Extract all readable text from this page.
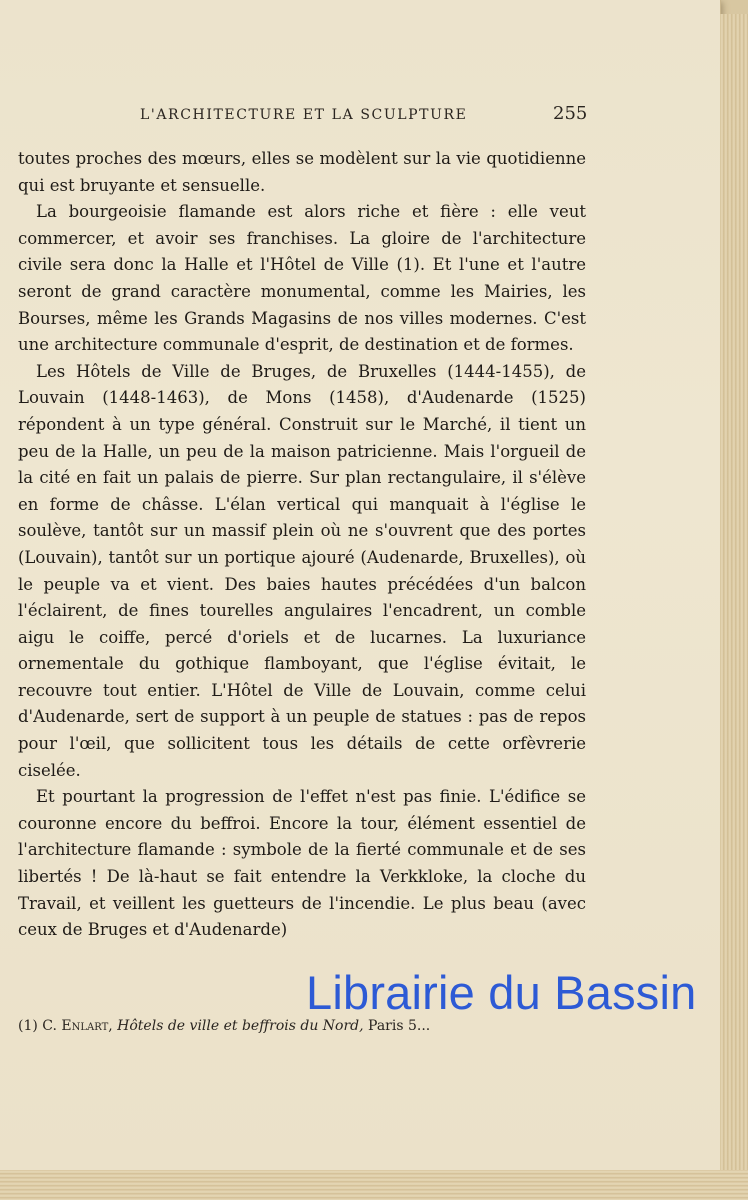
L'ARCHITECTURE ET LA SCULPTURE	255

toutes proches des mœurs, elles se modèlent sur la vie quotidienne qui est bruyante et sensuelle.

La bourgeoisie flamande est alors riche et fière : elle veut commercer, et avoir ses franchises. La gloire de l'architecture civile sera donc la Halle et l'Hôtel de Ville (1). Et l'une et l'autre seront de grand caractère monumental, comme les Mairies, les Bourses, même les Grands Magasins de nos villes modernes. C'est une architecture communale d'esprit, de destination et de formes.

Les Hôtels de Ville de Bruges, de Bruxelles (1444-1455), de Louvain (1448-1463), de Mons (1458), d'Audenarde (1525) répondent à un type général. Construit sur le Marché, il tient un peu de la Halle, un peu de la maison patricienne. Mais l'orgueil de la cité en fait un palais de pierre. Sur plan rectangulaire, il s'élève en forme de châsse. L'élan vertical qui manquait à l'église le soulève, tantôt sur un massif plein où ne s'ouvrent que des portes (Louvain), tantôt sur un portique ajouré (Audenarde, Bruxelles), où le peuple va et vient. Des baies hautes précédées d'un balcon l'éclairent, de fines tourelles angulaires l'encadrent, un comble aigu le coiffe, percé d'oriels et de lucarnes. La luxuriance ornementale du gothique flamboyant, que l'église évitait, le recouvre tout entier. L'Hôtel de Ville de Louvain, comme celui d'Audenarde, sert de support à un peuple de statues : pas de repos pour l'œil, que sollicitent tous les détails de cette orfèvrerie ciselée.

Et pourtant la progression de l'effet n'est pas finie. L'édifice se couronne encore du beffroi. Encore la tour, élément essentiel de l'architecture flamande : symbole de la fierté communale et de ses libertés ! De là-haut se fait entendre la Verkkloke, la cloche du Travail, et veillent les guetteurs de l'incendie. Le plus beau (avec ceux de Bruges et d'Audenarde)

(1) C. Enlart, Hôtels de ville et beffrois du Nord, Paris 5...
Librairie du Bassin
